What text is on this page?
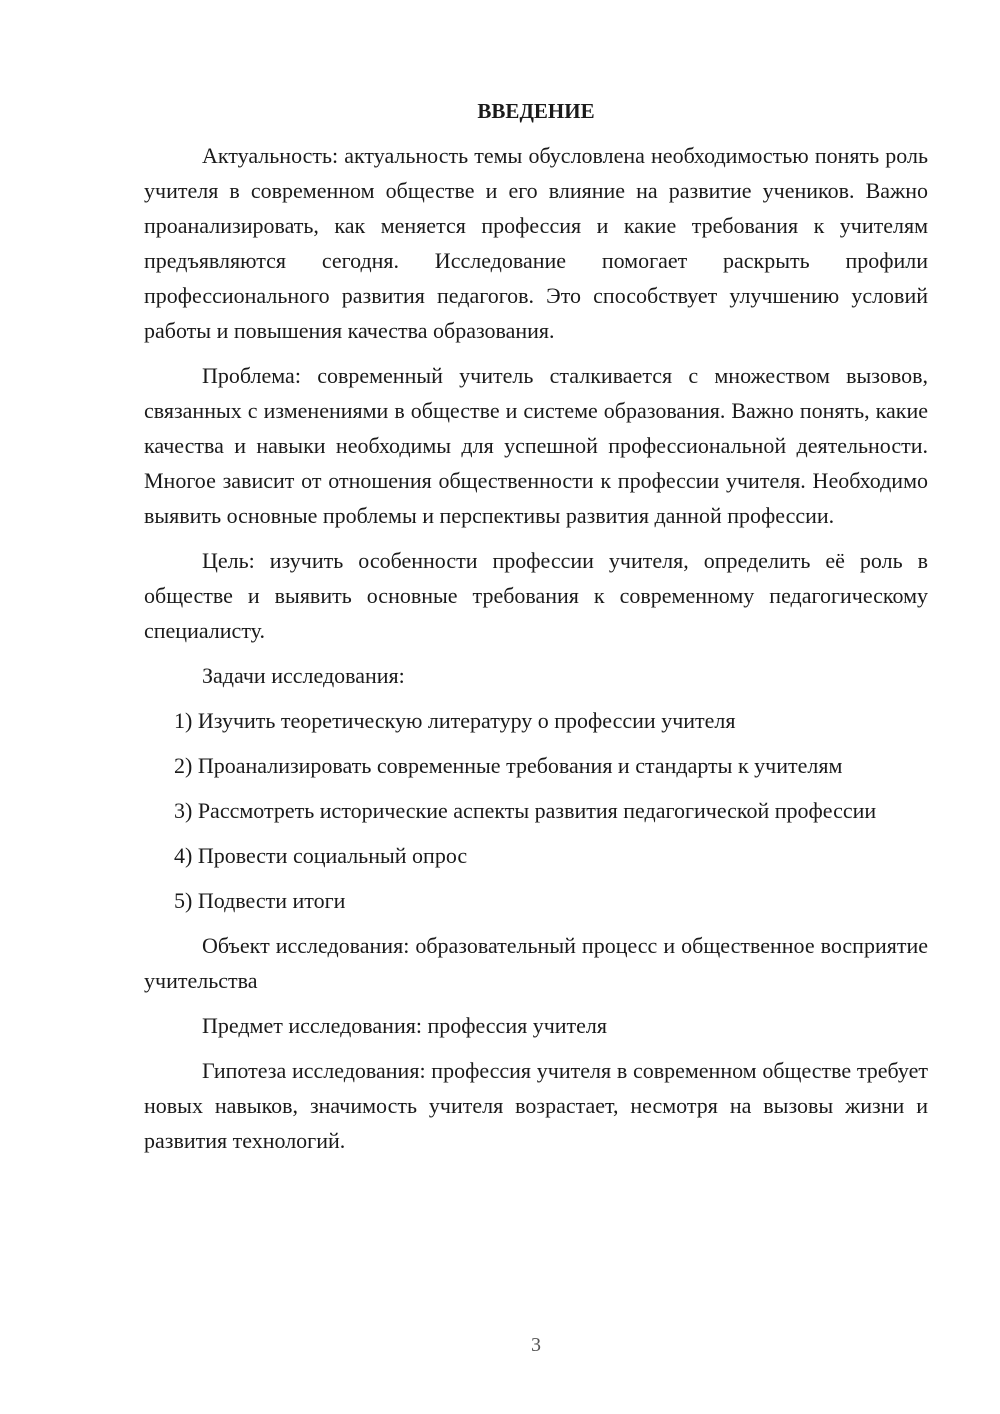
ВВЕДЕНИЕ

Актуальность: актуальность темы обусловлена необходимостью понять роль учителя в современном обществе и его влияние на развитие учеников. Важно проанализировать, как меняется профессия и какие требования к учителям предъявляются сегодня. Исследование помогает раскрыть профили профессионального развития педагогов. Это способствует улучшению условий работы и повышения качества образования.

Проблема: современный учитель сталкивается с множеством вызовов, связанных с изменениями в обществе и системе образования. Важно понять, какие качества и навыки необходимы для успешной профессиональной деятельности. Многое зависит от отношения общественности к профессии учителя. Необходимо выявить основные проблемы и перспективы развития данной профессии.

Цель: изучить особенности профессии учителя, определить её роль в обществе и выявить основные требования к современному педагогическому специалисту.

Задачи исследования:

1) Изучить теоретическую литературу о профессии учителя

2) Проанализировать современные требования и стандарты к учителям

3) Рассмотреть исторические аспекты развития педагогической профессии

4) Провести социальный опрос

5) Подвести итоги

Объект исследования: образовательный процесс и общественное восприятие учительства

Предмет исследования: профессия учителя

Гипотеза исследования: профессия учителя в современном обществе требует новых навыков, значимость учителя возрастает, несмотря на вызовы жизни и развития технологий.

3
